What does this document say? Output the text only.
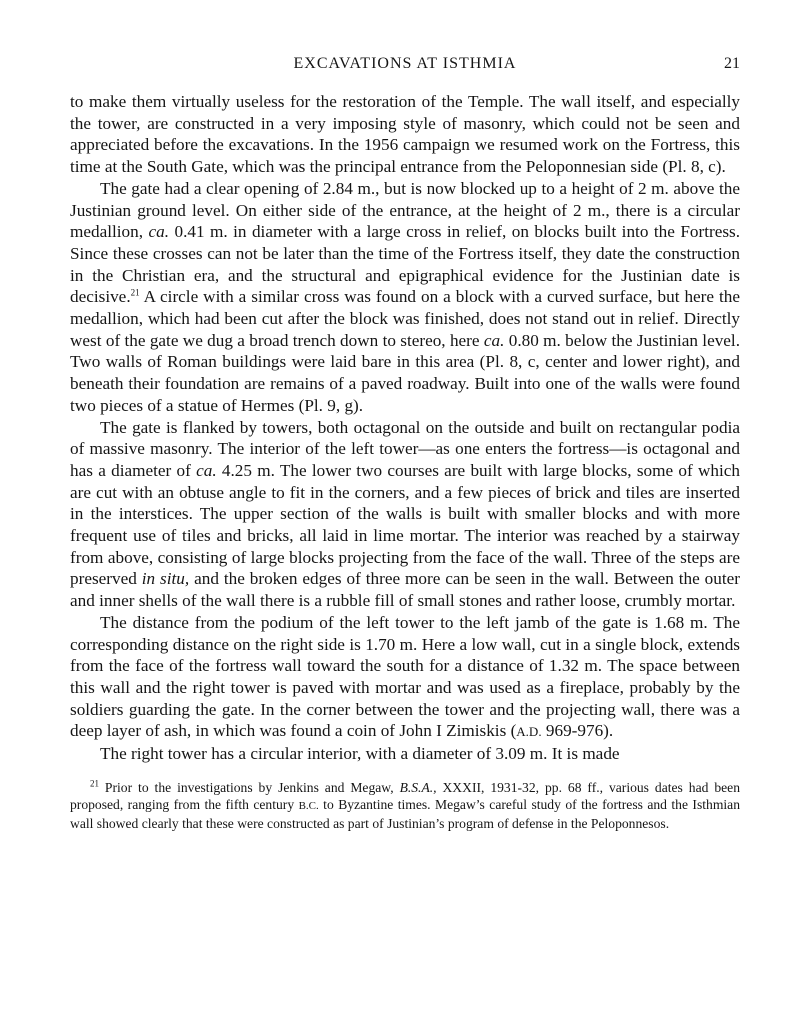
EXCAVATIONS AT ISTHMIA	21

to make them virtually useless for the restoration of the Temple. The wall itself, and especially the tower, are constructed in a very imposing style of masonry, which could not be seen and appreciated before the excavations. In the 1956 campaign we resumed work on the Fortress, this time at the South Gate, which was the principal entrance from the Peloponnesian side (Pl. 8, c).

The gate had a clear opening of 2.84 m., but is now blocked up to a height of 2 m. above the Justinian ground level. On either side of the entrance, at the height of 2 m., there is a circular medallion, ca. 0.41 m. in diameter with a large cross in relief, on blocks built into the Fortress. Since these crosses can not be later than the time of the Fortress itself, they date the construction in the Christian era, and the structural and epigraphical evidence for the Justinian date is decisive.$^{21}$ A circle with a similar cross was found on a block with a curved surface, but here the medallion, which had been cut after the block was finished, does not stand out in relief. Directly west of the gate we dug a broad trench down to stereo, here ca. 0.80 m. below the Justinian level. Two walls of Roman buildings were laid bare in this area (Pl. 8, c, center and lower right), and beneath their foundation are remains of a paved roadway. Built into one of the walls were found two pieces of a statue of Hermes (Pl. 9, g).

The gate is flanked by towers, both octagonal on the outside and built on rectangular podia of massive masonry. The interior of the left tower—as one enters the fortress—is octagonal and has a diameter of ca. 4.25 m. The lower two courses are built with large blocks, some of which are cut with an obtuse angle to fit in the corners, and a few pieces of brick and tiles are inserted in the interstices. The upper section of the walls is built with smaller blocks and with more frequent use of tiles and bricks, all laid in lime mortar. The interior was reached by a stairway from above, consisting of large blocks projecting from the face of the wall. Three of the steps are preserved in situ, and the broken edges of three more can be seen in the wall. Between the outer and inner shells of the wall there is a rubble fill of small stones and rather loose, crumbly mortar.

The distance from the podium of the left tower to the left jamb of the gate is 1.68 m. The corresponding distance on the right side is 1.70 m. Here a low wall, cut in a single block, extends from the face of the fortress wall toward the south for a distance of 1.32 m. The space between this wall and the right tower is paved with mortar and was used as a fireplace, probably by the soldiers guarding the gate. In the corner between the tower and the projecting wall, there was a deep layer of ash, in which was found a coin of John I Zimiskis (A.D. 969-976).

The right tower has a circular interior, with a diameter of 3.09 m. It is made

$^{21}$ Prior to the investigations by Jenkins and Megaw, B.S.A., XXXII, 1931-32, pp. 68 ff., various dates had been proposed, ranging from the fifth century B.C. to Byzantine times. Megaw’s careful study of the fortress and the Isthmian wall showed clearly that these were constructed as part of Justinian’s program of defense in the Peloponnesos.
